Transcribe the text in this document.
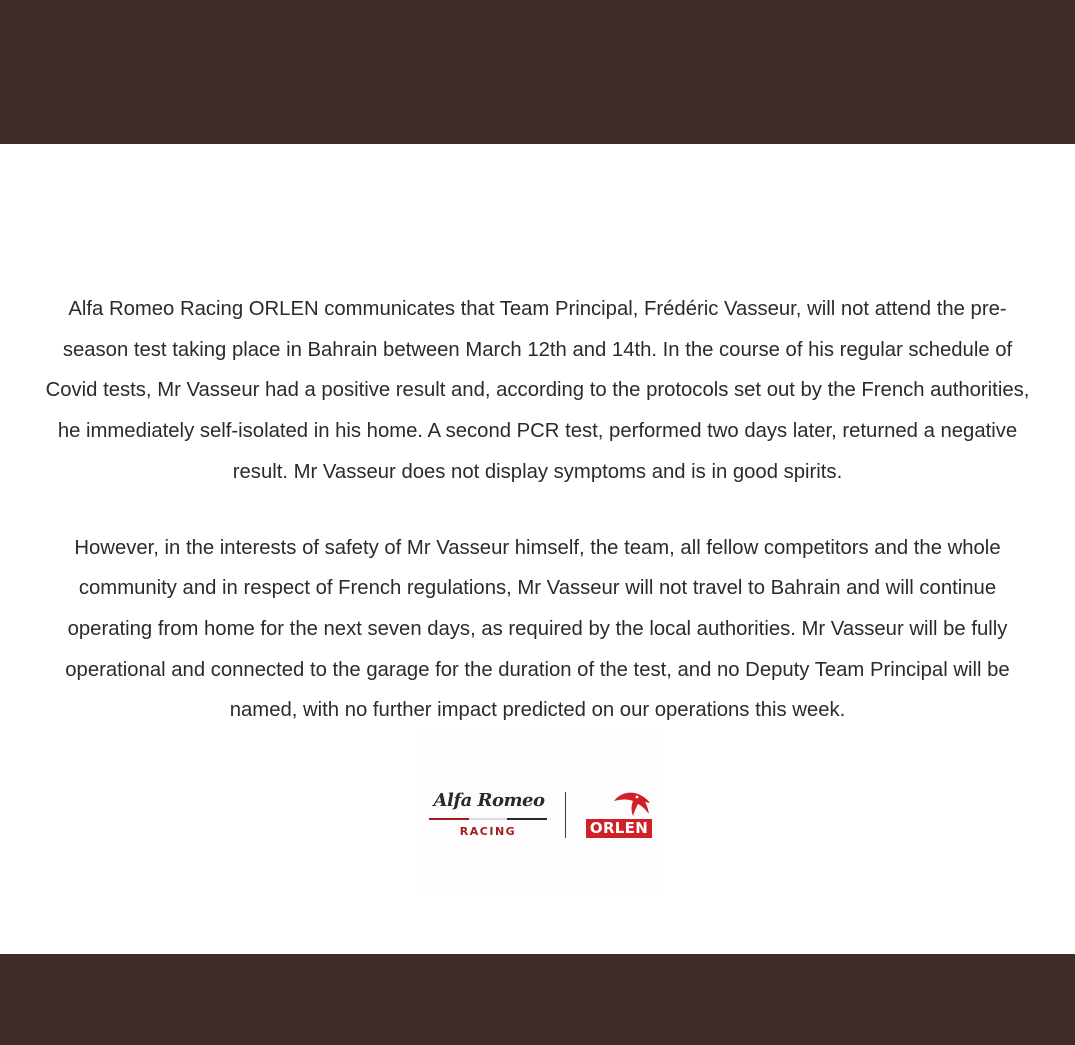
Alfa Romeo Racing ORLEN communicates that Team Principal, Frédéric Vasseur, will not attend the pre-season test taking place in Bahrain between March 12th and 14th. In the course of his regular schedule of Covid tests, Mr Vasseur had a positive result and, according to the protocols set out by the French authorities, he immediately self-isolated in his home. A second PCR test, performed two days later, returned a negative result. Mr Vasseur does not display symptoms and is in good spirits.

However, in the interests of safety of Mr Vasseur himself, the team, all fellow competitors and the whole community and in respect of French regulations, Mr Vasseur will not travel to Bahrain and will continue operating from home for the next seven days, as required by the local authorities. Mr Vasseur will be fully operational and connected to the garage for the duration of the test, and no Deputy Team Principal will be named, with no further impact predicted on our operations this week.

Alfa Romeo
RACING	ORLEN
